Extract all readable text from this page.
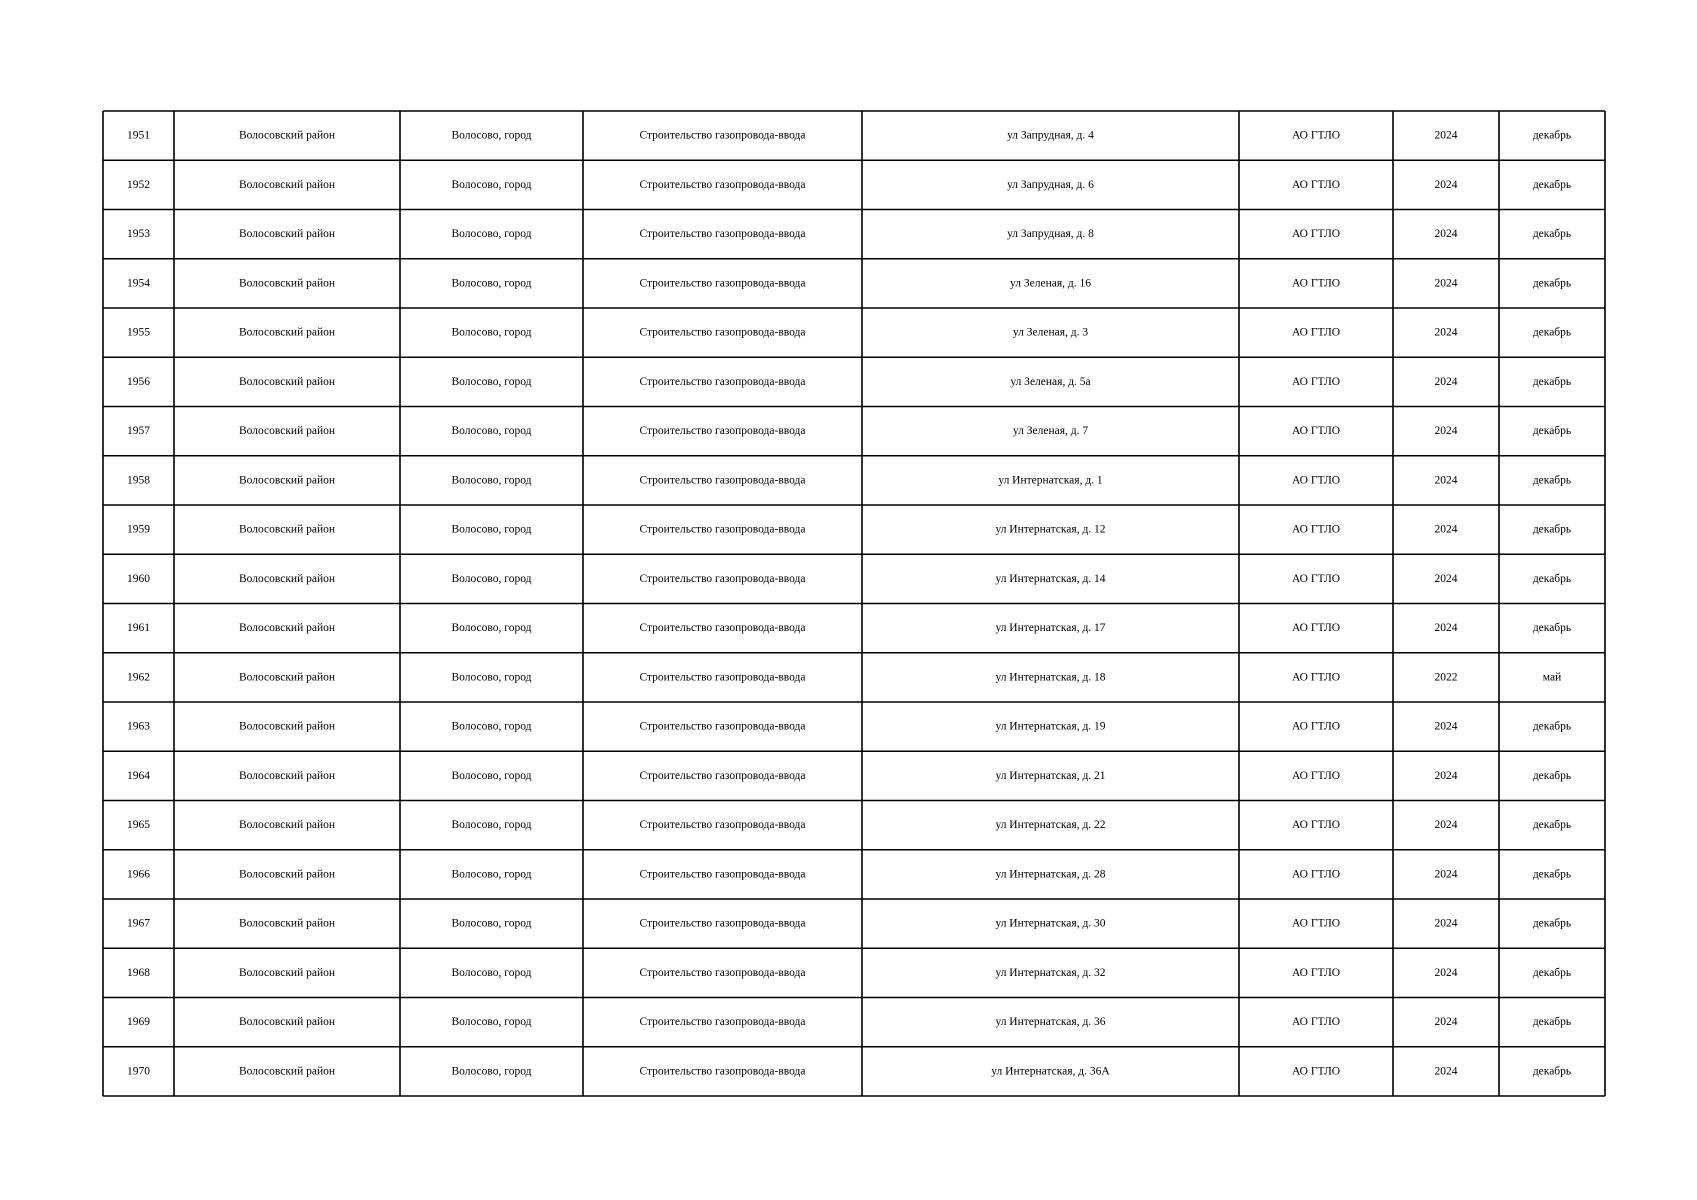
1951	Волосовский район	Волосово, город	Строительство газопровода-ввода	ул Запрудная, д. 4	АО ГТЛО	2024	декабрь
1952	Волосовский район	Волосово, город	Строительство газопровода-ввода	ул Запрудная, д. 6	АО ГТЛО	2024	декабрь
1953	Волосовский район	Волосово, город	Строительство газопровода-ввода	ул Запрудная, д. 8	АО ГТЛО	2024	декабрь
1954	Волосовский район	Волосово, город	Строительство газопровода-ввода	ул Зеленая, д. 16	АО ГТЛО	2024	декабрь
1955	Волосовский район	Волосово, город	Строительство газопровода-ввода	ул Зеленая, д. 3	АО ГТЛО	2024	декабрь
1956	Волосовский район	Волосово, город	Строительство газопровода-ввода	ул Зеленая, д. 5а	АО ГТЛО	2024	декабрь
1957	Волосовский район	Волосово, город	Строительство газопровода-ввода	ул Зеленая, д. 7	АО ГТЛО	2024	декабрь
1958	Волосовский район	Волосово, город	Строительство газопровода-ввода	ул Интернатская, д. 1	АО ГТЛО	2024	декабрь
1959	Волосовский район	Волосово, город	Строительство газопровода-ввода	ул Интернатская, д. 12	АО ГТЛО	2024	декабрь
1960	Волосовский район	Волосово, город	Строительство газопровода-ввода	ул Интернатская, д. 14	АО ГТЛО	2024	декабрь
1961	Волосовский район	Волосово, город	Строительство газопровода-ввода	ул Интернатская, д. 17	АО ГТЛО	2024	декабрь
1962	Волосовский район	Волосово, город	Строительство газопровода-ввода	ул Интернатская, д. 18	АО ГТЛО	2022	май
1963	Волосовский район	Волосово, город	Строительство газопровода-ввода	ул Интернатская, д. 19	АО ГТЛО	2024	декабрь
1964	Волосовский район	Волосово, город	Строительство газопровода-ввода	ул Интернатская, д. 21	АО ГТЛО	2024	декабрь
1965	Волосовский район	Волосово, город	Строительство газопровода-ввода	ул Интернатская, д. 22	АО ГТЛО	2024	декабрь
1966	Волосовский район	Волосово, город	Строительство газопровода-ввода	ул Интернатская, д. 28	АО ГТЛО	2024	декабрь
1967	Волосовский район	Волосово, город	Строительство газопровода-ввода	ул Интернатская, д. 30	АО ГТЛО	2024	декабрь
1968	Волосовский район	Волосово, город	Строительство газопровода-ввода	ул Интернатская, д. 32	АО ГТЛО	2024	декабрь
1969	Волосовский район	Волосово, город	Строительство газопровода-ввода	ул Интернатская, д. 36	АО ГТЛО	2024	декабрь
1970	Волосовский район	Волосово, город	Строительство газопровода-ввода	ул Интернатская, д. 36А	АО ГТЛО	2024	декабрь
